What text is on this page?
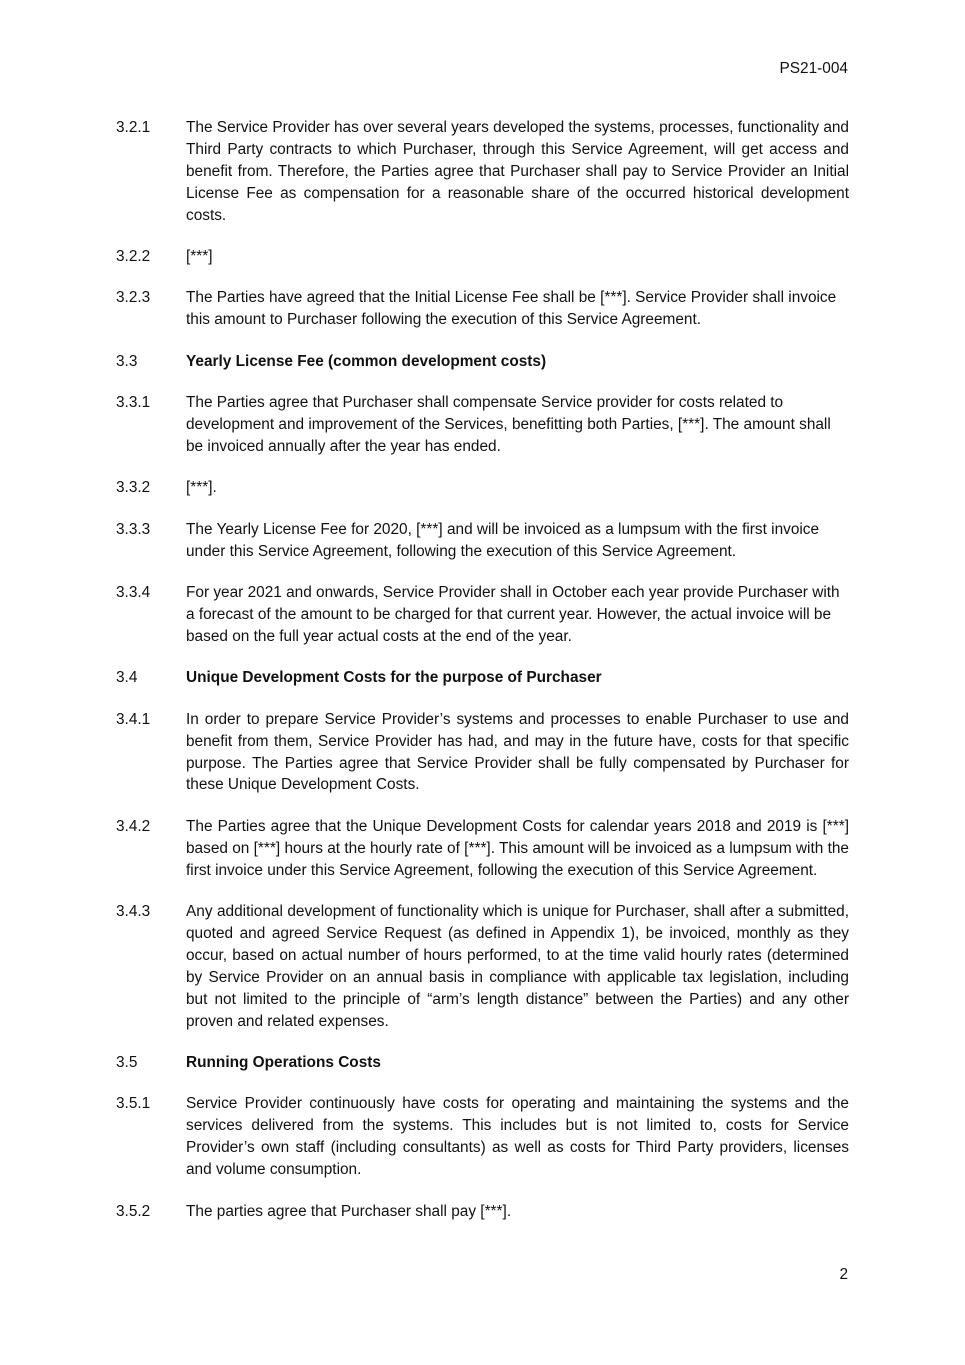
PS21-004
3.2.1	The Service Provider has over several years developed the systems, processes, functionality and Third Party contracts to which Purchaser, through this Service Agreement, will get access and benefit from. Therefore, the Parties agree that Purchaser shall pay to Service Provider an Initial License Fee as compensation for a reasonable share of the occurred historical development costs.
3.2.2	[***]
3.2.3	The Parties have agreed that the Initial License Fee shall be [***]. Service Provider shall invoice this amount to Purchaser following the execution of this Service Agreement.
3.3	Yearly License Fee (common development costs)
3.3.1	The Parties agree that Purchaser shall compensate Service provider for costs related to development and improvement of the Services, benefitting both Parties, [***]. The amount shall be invoiced annually after the year has ended.
3.3.2	[***].
3.3.3	The Yearly License Fee for 2020, [***] and will be invoiced as a lumpsum with the first invoice under this Service Agreement, following the execution of this Service Agreement.
3.3.4	For year 2021 and onwards, Service Provider shall in October each year provide Purchaser with a forecast of the amount to be charged for that current year. However, the actual invoice will be based on the full year actual costs at the end of the year.
3.4	Unique Development Costs for the purpose of Purchaser
3.4.1	In order to prepare Service Provider’s systems and processes to enable Purchaser to use and benefit from them, Service Provider has had, and may in the future have, costs for that specific purpose. The Parties agree that Service Provider shall be fully compensated by Purchaser for these Unique Development Costs.
3.4.2	The Parties agree that the Unique Development Costs for calendar years 2018 and 2019 is [***] based on [***] hours at the hourly rate of [***]. This amount will be invoiced as a lumpsum with the first invoice under this Service Agreement, following the execution of this Service Agreement.
3.4.3	Any additional development of functionality which is unique for Purchaser, shall after a submitted, quoted and agreed Service Request (as defined in Appendix 1), be invoiced, monthly as they occur, based on actual number of hours performed, to at the time valid hourly rates (determined by Service Provider on an annual basis in compliance with applicable tax legislation, including but not limited to the principle of “arm’s length distance” between the Parties) and any other proven and related expenses.
3.5	Running Operations Costs
3.5.1	Service Provider continuously have costs for operating and maintaining the systems and the services delivered from the systems. This includes but is not limited to, costs for Service Provider’s own staff (including consultants) as well as costs for Third Party providers, licenses and volume consumption.
3.5.2	The parties agree that Purchaser shall pay [***].
2
